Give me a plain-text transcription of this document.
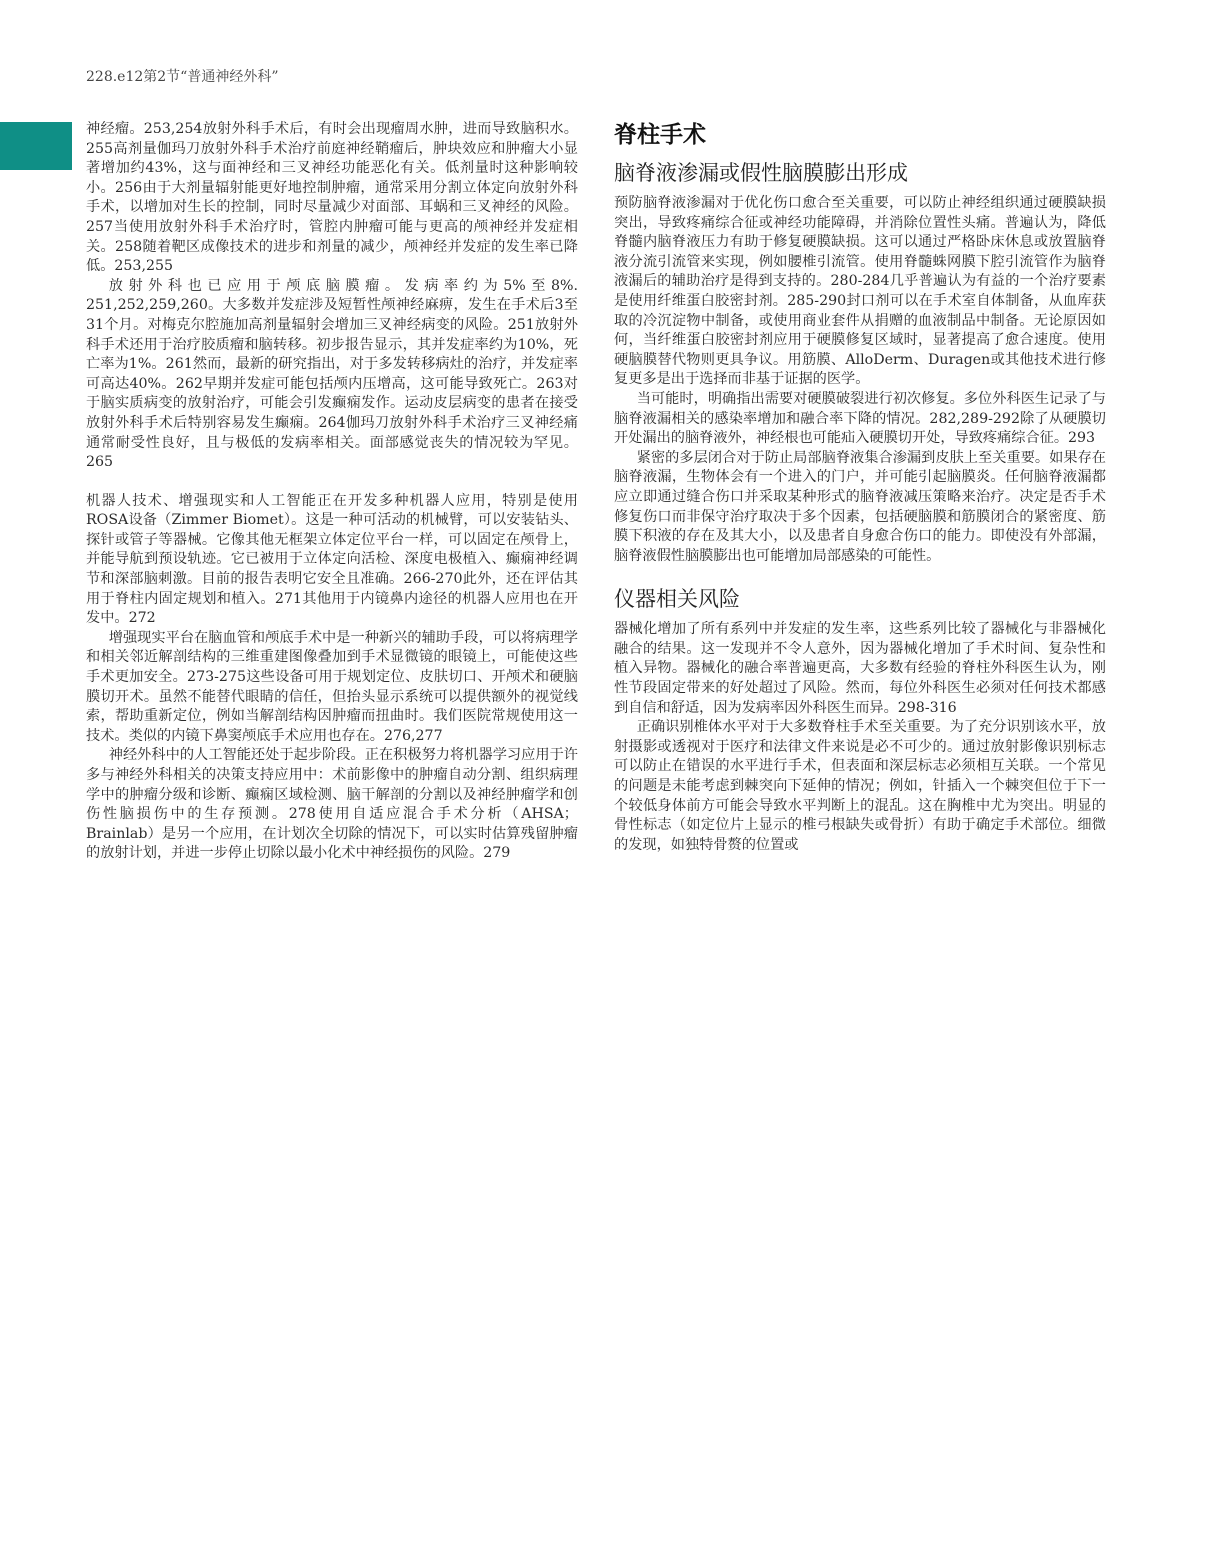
228.e12第2节“普通神经外科”

神经瘤。253,254放射外科手术后，有时会出现瘤周水肿，进而导致脑积水。255高剂量伽玛刀放射外科手术治疗前庭神经鞘瘤后，肿块效应和肿瘤大小显著增加约43%，这与面神经和三叉神经功能恶化有关。低剂量时这种影响较小。256由于大剂量辐射能更好地控制肿瘤，通常采用分割立体定向放射外科手术，以增加对生长的控制，同时尽量减少对面部、耳蜗和三叉神经的风险。257当使用放射外科手术治疗时，管腔内肿瘤可能与更高的颅神经并发症相关。258随着靶区成像技术的进步和剂量的减少，颅神经并发症的发生率已降低。253,255

放射外科也已应用于颅底脑膜瘤。发病率约为5%至8%. 251,252,259,260。大多数并发症涉及短暂性颅神经麻痹，发生在手术后3至31个月。对梅克尔腔施加高剂量辐射会增加三叉神经病变的风险。251放射外科手术还用于治疗胶质瘤和脑转移。初步报告显示，其并发症率约为10%，死亡率为1%。261然而，最新的研究指出，对于多发转移病灶的治疗，并发症率可高达40%。262早期并发症可能包括颅内压增高，这可能导致死亡。263对于脑实质病变的放射治疗，可能会引发癫痫发作。运动皮层病变的患者在接受放射外科手术后特别容易发生癫痫。264伽玛刀放射外科手术治疗三叉神经痛通常耐受性良好，且与极低的发病率相关。面部感觉丧失的情况较为罕见。265

机器人技术、增强现实和人工智能正在开发多种机器人应用，特别是使用ROSA设备（Zimmer Biomet）。这是一种可活动的机械臂，可以安装钻头、探针或管子等器械。它像其他无框架立体定位平台一样，可以固定在颅骨上，并能导航到预设轨迹。它已被用于立体定向活检、深度电极植入、癫痫神经调节和深部脑刺激。目前的报告表明它安全且准确。266-270此外，还在评估其用于脊柱内固定规划和植入。271其他用于内镜鼻内途径的机器人应用也在开发中。272

增强现实平台在脑血管和颅底手术中是一种新兴的辅助手段，可以将病理学和相关邻近解剖结构的三维重建图像叠加到手术显微镜的眼镜上，可能使这些手术更加安全。273-275这些设备可用于规划定位、皮肤切口、开颅术和硬脑膜切开术。虽然不能替代眼睛的信任，但抬头显示系统可以提供额外的视觉线索，帮助重新定位，例如当解剖结构因肿瘤而扭曲时。我们医院常规使用这一技术。类似的内镜下鼻窦颅底手术应用也存在。276,277

神经外科中的人工智能还处于起步阶段。正在积极努力将机器学习应用于许多与神经外科相关的决策支持应用中：术前影像中的肿瘤自动分割、组织病理学中的肿瘤分级和诊断、癫痫区域检测、脑干解剖的分割以及神经肿瘤学和创伤性脑损伤中的生存预测。278使用自适应混合手术分析（AHSA；Brainlab）是另一个应用，在计划次全切除的情况下，可以实时估算残留肿瘤的放射计划，并进一步停止切除以最小化术中神经损伤的风险。279

脊柱手术
脑脊液渗漏或假性脑膜膨出形成

预防脑脊液渗漏对于优化伤口愈合至关重要，可以防止神经组织通过硬膜缺损突出，导致疼痛综合征或神经功能障碍，并消除位置性头痛。普遍认为，降低脊髓内脑脊液压力有助于修复硬膜缺损。这可以通过严格卧床休息或放置脑脊液分流引流管来实现，例如腰椎引流管。使用脊髓蛛网膜下腔引流管作为脑脊液漏后的辅助治疗是得到支持的。280-284几乎普遍认为有益的一个治疗要素是使用纤维蛋白胶密封剂。285-290封口剂可以在手术室自体制备，从血库获取的冷沉淀物中制备，或使用商业套件从捐赠的血液制品中制备。无论原因如何，当纤维蛋白胶密封剂应用于硬膜修复区域时，显著提高了愈合速度。使用硬脑膜替代物则更具争议。用筋膜、AlloDerm、Duragen或其他技术进行修复更多是出于选择而非基于证据的医学。

当可能时，明确指出需要对硬膜破裂进行初次修复。多位外科医生记录了与脑脊液漏相关的感染率增加和融合率下降的情况。282,289-292除了从硬膜切开处漏出的脑脊液外，神经根也可能疝入硬膜切开处，导致疼痛综合征。293

紧密的多层闭合对于防止局部脑脊液集合渗漏到皮肤上至关重要。如果存在脑脊液漏，生物体会有一个进入的门户，并可能引起脑膜炎。任何脑脊液漏都应立即通过缝合伤口并采取某种形式的脑脊液减压策略来治疗。决定是否手术修复伤口而非保守治疗取决于多个因素，包括硬脑膜和筋膜闭合的紧密度、筋膜下积液的存在及其大小，以及患者自身愈合伤口的能力。即使没有外部漏，脑脊液假性脑膜膨出也可能增加局部感染的可能性。

仪器相关风险

器械化增加了所有系列中并发症的发生率，这些系列比较了器械化与非器械化融合的结果。这一发现并不令人意外，因为器械化增加了手术时间、复杂性和植入异物。器械化的融合率普遍更高，大多数有经验的脊柱外科医生认为，刚性节段固定带来的好处超过了风险。然而，每位外科医生必须对任何技术都感到自信和舒适，因为发病率因外科医生而异。298-316

正确识别椎体水平对于大多数脊柱手术至关重要。为了充分识别该水平，放射摄影或透视对于医疗和法律文件来说是必不可少的。通过放射影像识别标志可以防止在错误的水平进行手术，但表面和深层标志必须相互关联。一个常见的问题是未能考虑到棘突向下延伸的情况；例如，针插入一个棘突但位于下一个较低身体前方可能会导致水平判断上的混乱。这在胸椎中尤为突出。明显的骨性标志（如定位片上显示的椎弓根缺失或骨折）有助于确定手术部位。细微的发现，如独特骨赘的位置或
